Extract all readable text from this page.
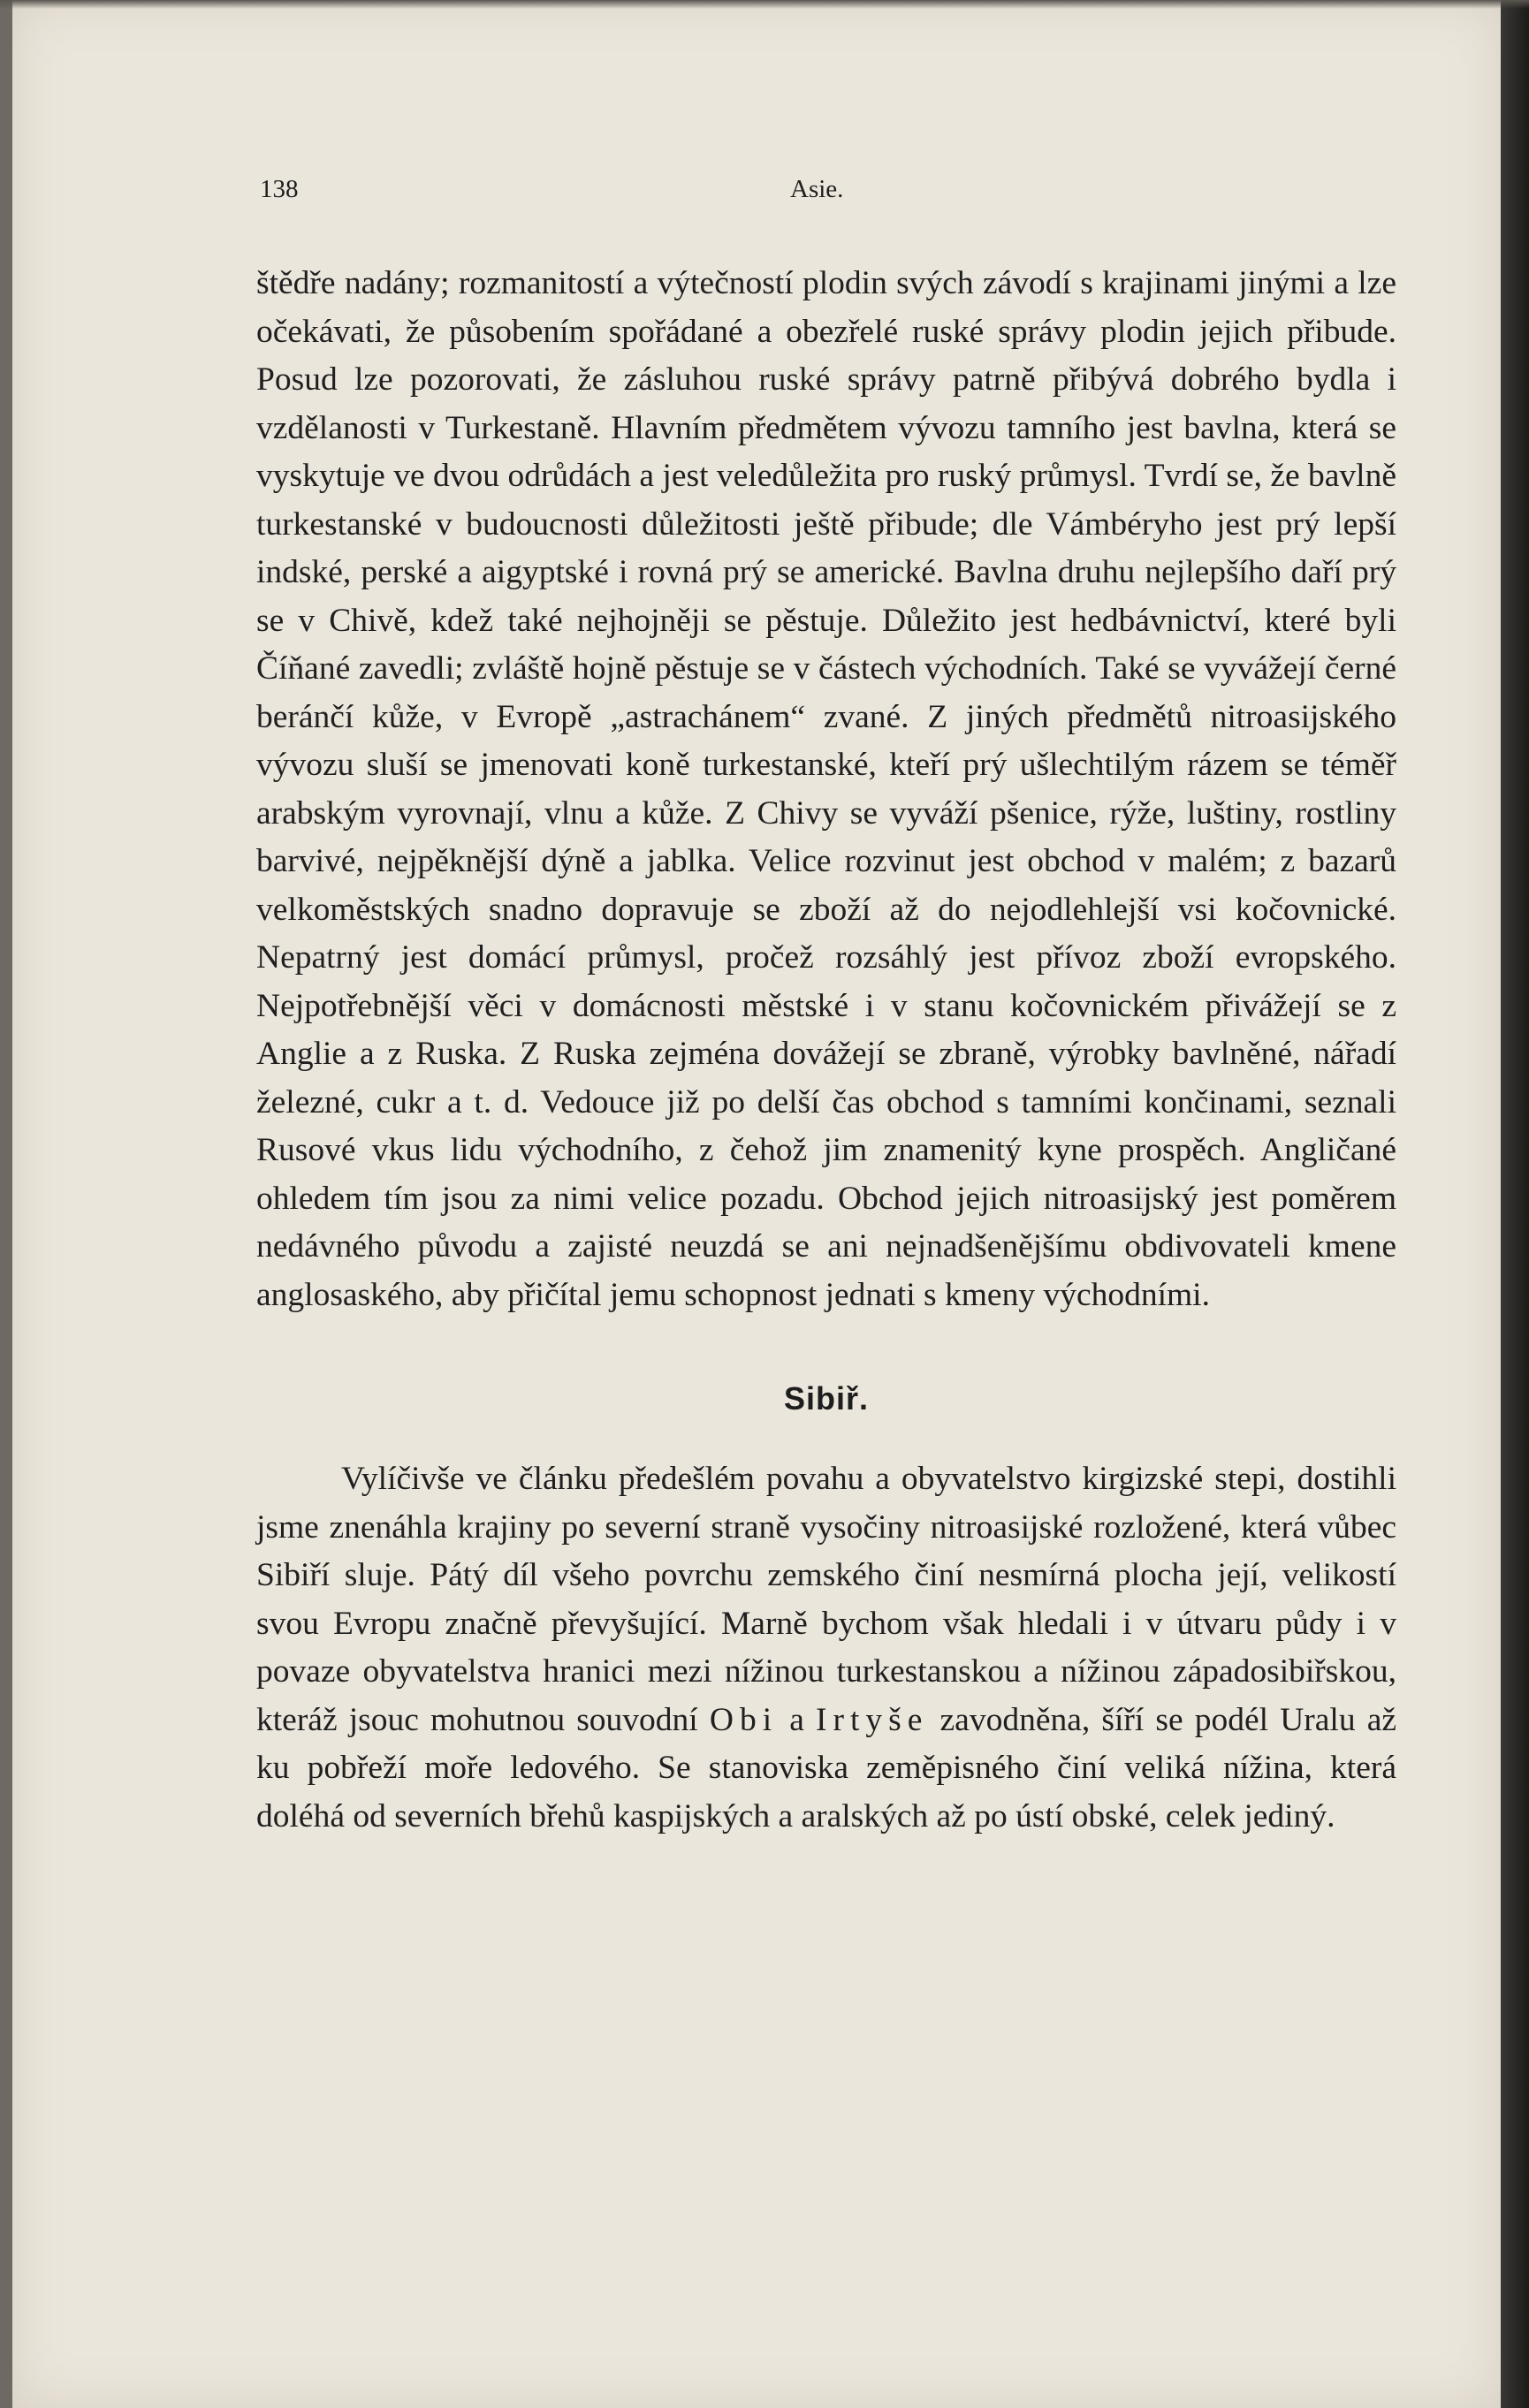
138	Asie.

štědře nadány; rozmanitostí a výtečností plodin svých závodí s krajinami jinými a lze očekávati, že působením spořádané a obezřelé ruské správy plodin jejich přibude. Posud lze pozorovati, že zásluhou ruské správy patrně přibývá dobrého bydla i vzdělanosti v Turkestaně. Hlavním předmětem vývozu tamního jest bavlna, která se vyskytuje ve dvou odrůdách a jest veledůležita pro ruský průmysl. Tvrdí se, že bavlně turkestanské v budoucnosti důležitosti ještě přibude; dle Vámbéryho jest prý lepší indské, perské a aigyptské i rovná prý se americké. Bavlna druhu nejlepšího daří prý se v Chivě, kdež také nejhojněji se pěstuje. Důležito jest hedbávnictví, které byli Číňané zavedli; zvláště hojně pěstuje se v částech východních. Také se vyvážejí černé beránčí kůže, v Evropě „astrachánem“ zvané. Z jiných předmětů nitroasijského vývozu sluší se jmenovati koně turkestanské, kteří prý ušlechtilým rázem se téměř arabským vyrovnají, vlnu a kůže. Z Chivy se vyváží pšenice, rýže, luštiny, rostliny barvivé, nejpěknější dýně a jablka. Velice rozvinut jest obchod v malém; z bazarů velkoměstských snadno dopravuje se zboží až do nejodlehlejší vsi kočovnické. Nepatrný jest domácí průmysl, pročež rozsáhlý jest přívoz zboží evropského. Nejpotřebnější věci v domácnosti městské i v stanu kočovnickém přivážejí se z Anglie a z Ruska. Z Ruska zejména dovážejí se zbraně, výrobky bavlněné, nářadí železné, cukr a t. d. Vedouce již po delší čas obchod s tamními končinami, seznali Rusové vkus lidu východního, z čehož jim znamenitý kyne prospěch. Angličané ohledem tím jsou za nimi velice pozadu. Obchod jejich nitroasijský jest poměrem nedávného původu a zajisté neuzdá se ani nejnadšenějšímu obdivovateli kmene anglosaského, aby přičítal jemu schopnost jednati s kmeny východními.

Sibiř.

Vylíčivše ve článku předešlém povahu a obyvatelstvo kirgizské stepi, dostihli jsme znenáhla krajiny po severní straně vysočiny nitroasijské rozložené, která vůbec Sibiří sluje. Pátý díl všeho povrchu zemského činí nesmírná plocha její, velikostí svou Evropu značně převyšující. Marně bychom však hledali i v útvaru půdy i v povaze obyvatelstva hranici mezi nížinou turkestanskou a nížinou západosibiřskou, kteráž jsouc mohutnou souvodní Obi a Irtyše zavodněna, šíří se podél Uralu až ku pobřeží moře ledového. Se stanoviska zeměpisného činí veliká nížina, která doléhá od severních břehů kaspijských a aralských až po ústí obské, celek jediný.
